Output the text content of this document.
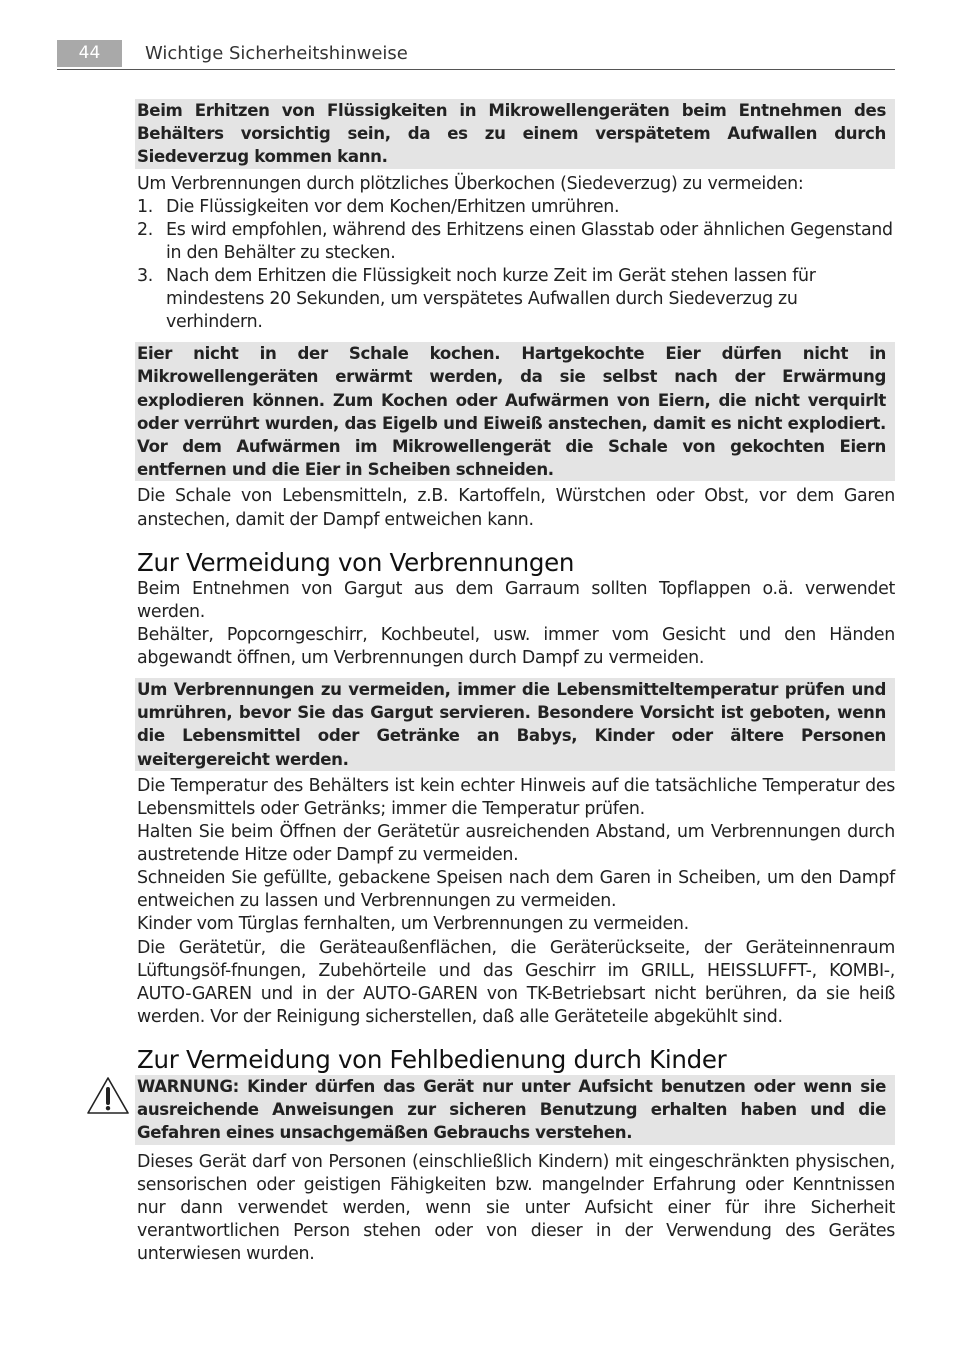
44	Wichtige Sicherheitshinweise
Beim Erhitzen von Flüssigkeiten in Mikrowellengeräten beim Entnehmen des Behälters vorsichtig sein, da es zu einem verspätetem Aufwallen durch Siedeverzug kommen kann.

Um Verbrennungen durch plötzliches Überkochen (Siedeverzug) zu vermeiden:

1. Die Flüssigkeiten vor dem Kochen/Erhitzen umrühren.
2. Es wird empfohlen, während des Erhitzens einen Glasstab oder ähnlichen Gegenstand in den Behälter zu stecken.
3. Nach dem Erhitzen die Flüssigkeit noch kurze Zeit im Gerät stehen lassen für mindestens 20 Sekunden, um verspätetes Aufwallen durch Siedeverzug zu verhindern.
Eier nicht in der Schale kochen. Hartgekochte Eier dürfen nicht in Mikrowellengeräten erwärmt werden, da sie selbst nach der Erwärmung explodieren können. Zum Kochen oder Aufwärmen von Eiern, die nicht verquirlt oder verrührt wurden, das Eigelb und Eiweiß anstechen, damit es nicht explodiert. Vor dem Aufwärmen im Mikrowellengerät die Schale von gekochten Eiern entfernen und die Eier in Scheiben schneiden.

Die Schale von Lebensmitteln, z.B. Kartoffeln, Würstchen oder Obst, vor dem Garen anstechen, damit der Dampf entweichen kann.

Zur Vermeidung von Verbrennungen

Beim Entnehmen von Gargut aus dem Garraum sollten Topflappen o.ä. verwendet werden.

Behälter, Popcorngeschirr, Kochbeutel, usw. immer vom Gesicht und den Händen abgewandt öffnen, um Verbrennungen durch Dampf zu vermeiden.

Um Verbrennungen zu vermeiden, immer die Lebensmitteltemperatur prüfen und umrühren, bevor Sie das Gargut servieren. Besondere Vorsicht ist geboten, wenn die Lebensmittel oder Getränke an Babys, Kinder oder ältere Personen weitergereicht werden.

Die Temperatur des Behälters ist kein echter Hinweis auf die tatsächliche Temperatur des Lebensmittels oder Getränks; immer die Temperatur prüfen.

Halten Sie beim Öffnen der Gerätetür ausreichenden Abstand, um Verbrennungen durch austretende Hitze oder Dampf zu vermeiden.

Schneiden Sie gefüllte, gebackene Speisen nach dem Garen in Scheiben, um den Dampf entweichen zu lassen und Verbrennungen zu vermeiden.

Kinder vom Türglas fernhalten, um Verbrennungen zu vermeiden.

Die Gerätetür, die Geräteaußenflächen, die Geräterückseite, der Geräteinnenraum Lüftungsöf-fnungen, Zubehörteile und das Geschirr im GRILL, HEISSLUFFT-, KOMBI-, AUTO-GAREN und in der AUTO-GAREN von TK-Betriebsart nicht berühren, da sie heiß werden. Vor der Reinigung sicherstellen, daß alle Geräteteile abgekühlt sind.

Zur Vermeidung von Fehlbedienung durch Kinder
WARNUNG: Kinder dürfen das Gerät nur unter Aufsicht benutzen oder wenn sie ausreichende Anweisungen zur sicheren Benutzung erhalten haben und die Gefahren eines unsachgemäßen Gebrauchs verstehen.

Dieses Gerät darf von Personen (einschließlich Kindern) mit eingeschränkten physischen, sensorischen oder geistigen Fähigkeiten bzw. mangelnder Erfahrung oder Kenntnissen nur dann verwendet werden, wenn sie unter Aufsicht einer für ihre Sicherheit verantwortlichen Person stehen oder von dieser in der Verwendung des Gerätes unterwiesen wurden.
